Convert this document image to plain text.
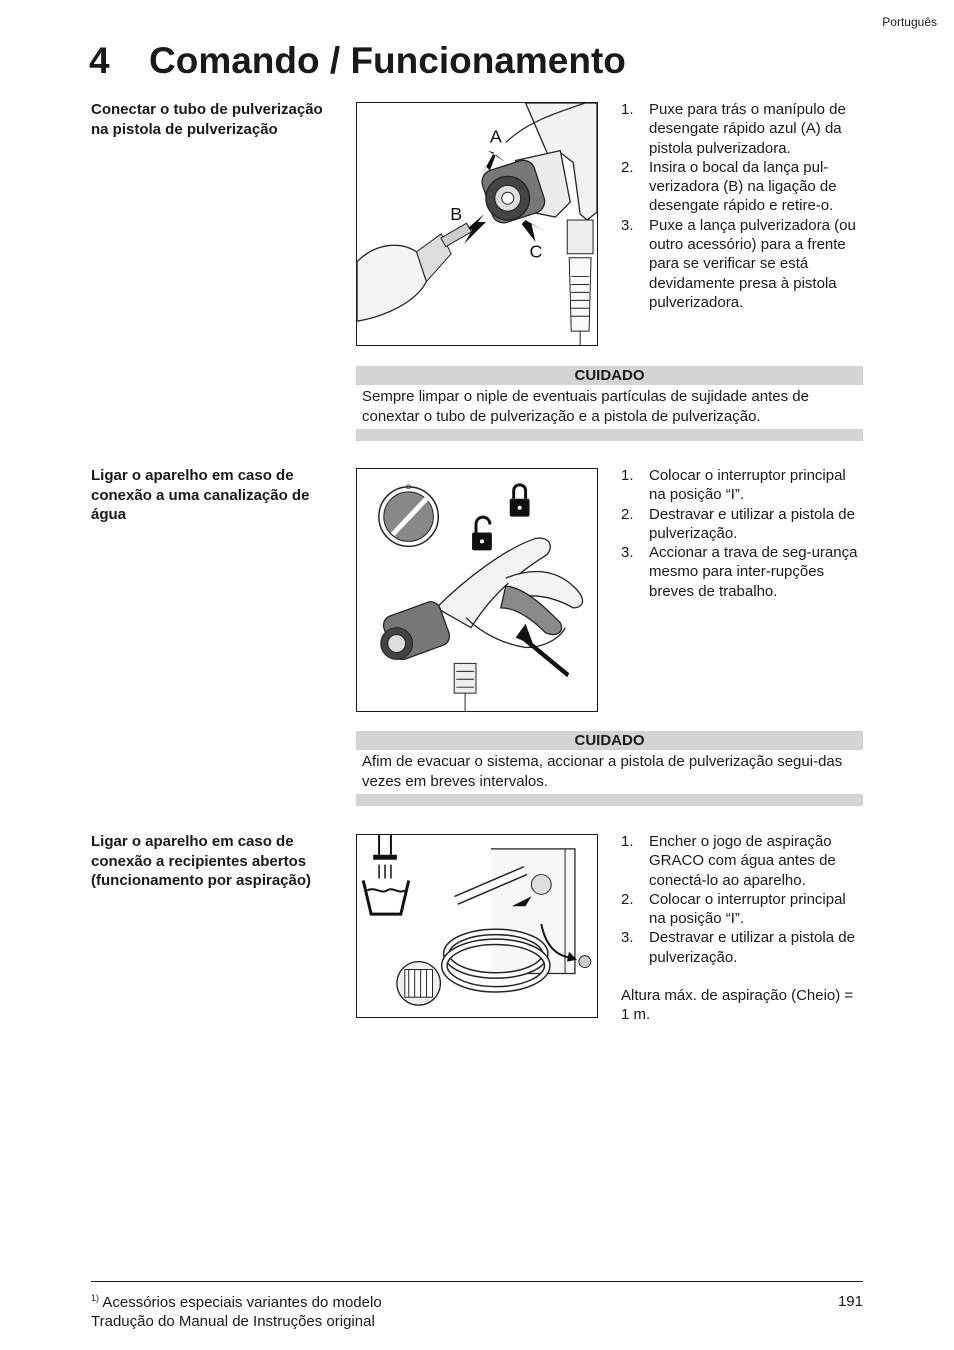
Português
4 Comando / Funcionamento
Conectar o tubo de pulverização na pistola de pulverização	A
B
C
1. Puxe para trás o manípulo de desengate rápido azul (A) da pistola pulverizadora.
2. Insira o bocal da lança pul-verizadora (B) na ligação de desengate rápido e retire-o.
3. Puxe a lança pulverizadora (ou outro acessório) para a frente para se verificar se está devidamente presa à pistola pulverizadora.
CUIDADO
Sempre limpar o niple de eventuais partículas de sujidade antes de conextar o tubo de pulverização e a pistola de pulverização.
Ligar o aparelho em caso de conexão a uma canalização de água
1. Colocar o interruptor principal na posição “I”.
2. Destravar e utilizar a pistola de pulverização.
3. Accionar a trava de seg-urança mesmo para inter-rupções breves de trabalho.
CUIDADO
Afim de evacuar o sistema, accionar a pistola de pulverização segui-das vezes em breves intervalos.
Ligar o aparelho em caso de conexão a recipientes abertos (funcionamento por aspiração)
1. Encher o jogo de aspiração GRACO com água antes de conectá-lo ao aparelho.
2. Colocar o interruptor principal na posição “I”.
3. Destravar e utilizar a pistola de pulverização.

Altura máx. de aspiração (Cheio) = 1 m.

$^{1)}$ Acessórios especiais variantes do modelo
Tradução do Manual de Instruções original
191
